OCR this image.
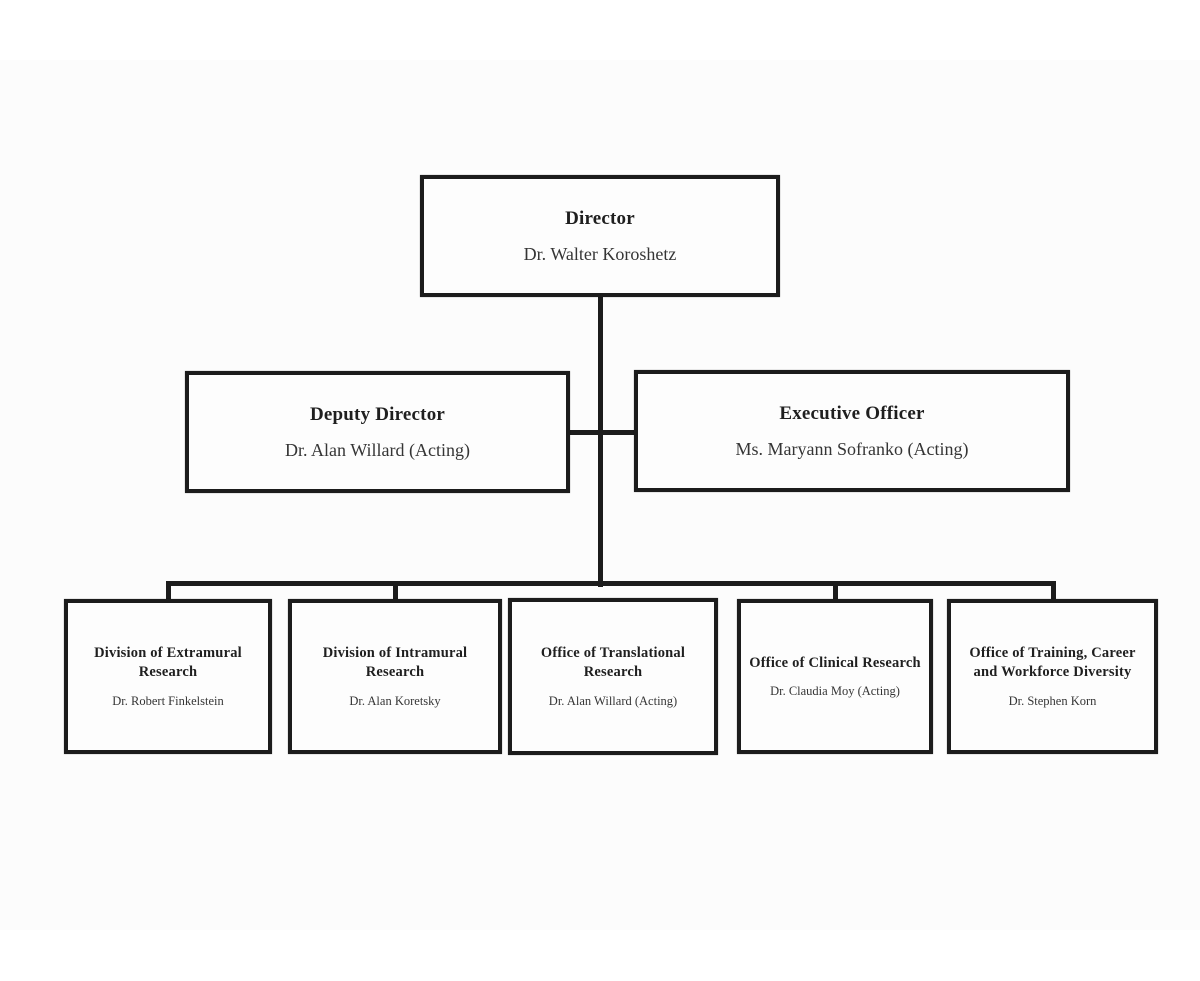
Director
Dr. Walter Koroshetz
Deputy Director
Dr. Alan Willard (Acting)
Executive Officer
Ms. Maryann Sofranko (Acting)
Division of Extramural Research
Dr. Robert Finkelstein
Division of Intramural Research
Dr. Alan Koretsky
Office of Translational Research
Dr. Alan Willard (Acting)
Office of Clinical Research
Dr. Claudia Moy (Acting)
Office of Training, Career and Workforce Diversity
Dr. Stephen Korn
